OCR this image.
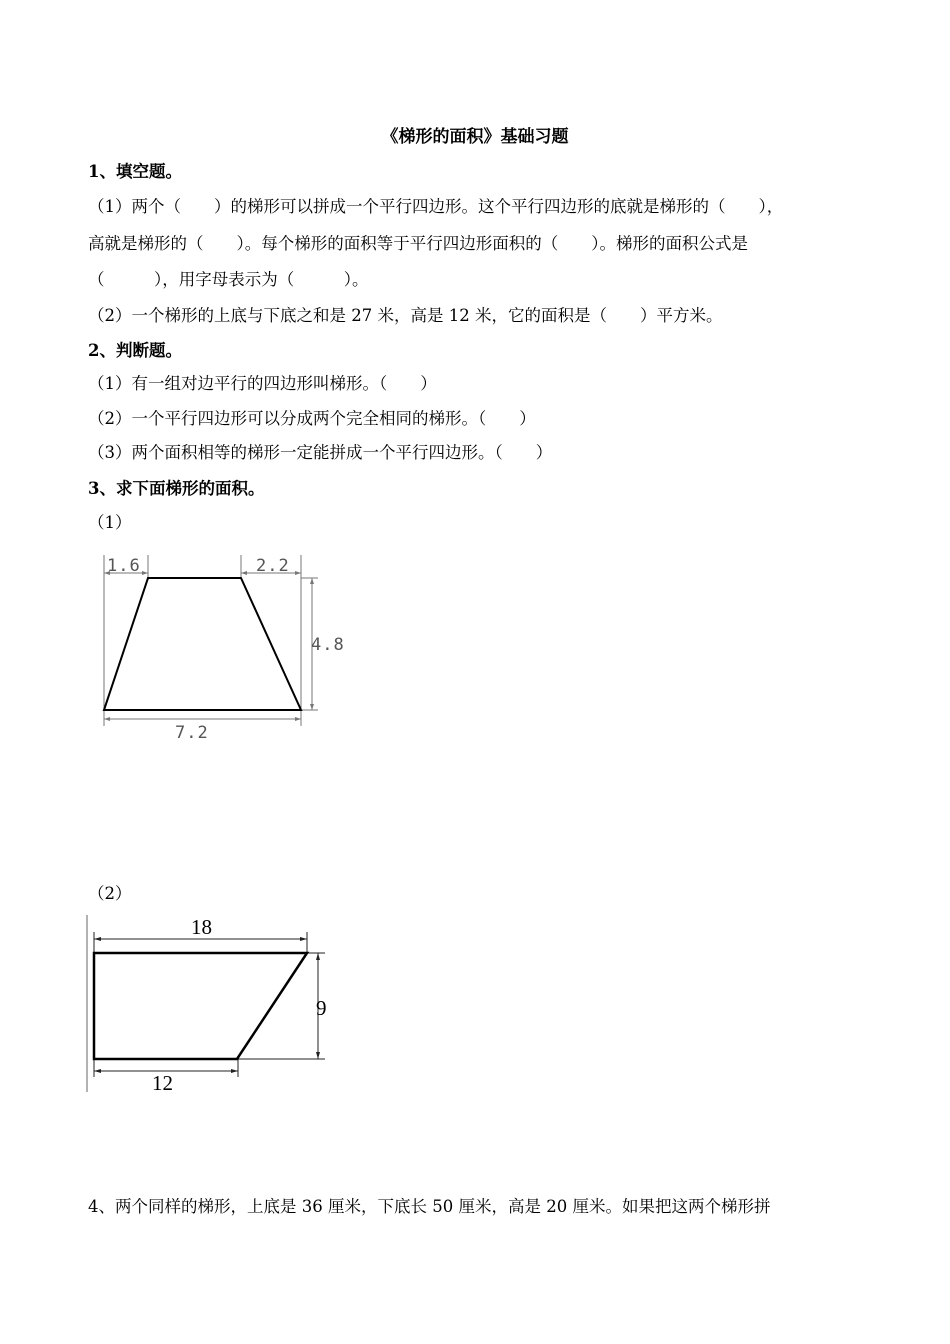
《梯形的面积》基础习题
1、填空题。
（1）两个（　　）的梯形可以拼成一个平行四边形。这个平行四边形的底就是梯形的（　　），
高就是梯形的（　　）。每个梯形的面积等于平行四边形面积的（　　）。梯形的面积公式是
（　　　），用字母表示为（　　　）。
（2）一个梯形的上底与下底之和是 27 米，高是 12 米，它的面积是（　　）平方米。
2、判断题。
（1）有一组对边平行的四边形叫梯形。（　　）
（2）一个平行四边形可以分成两个完全相同的梯形。（　　）
（3）两个面积相等的梯形一定能拼成一个平行四边形。（　　）
3、求下面梯形的面积。
（1）
1.6	2.2
4.8
7.2
（2）
18
9
12
4、两个同样的梯形，上底是 36 厘米，下底长 50 厘米，高是 20 厘米。如果把这两个梯形拼
